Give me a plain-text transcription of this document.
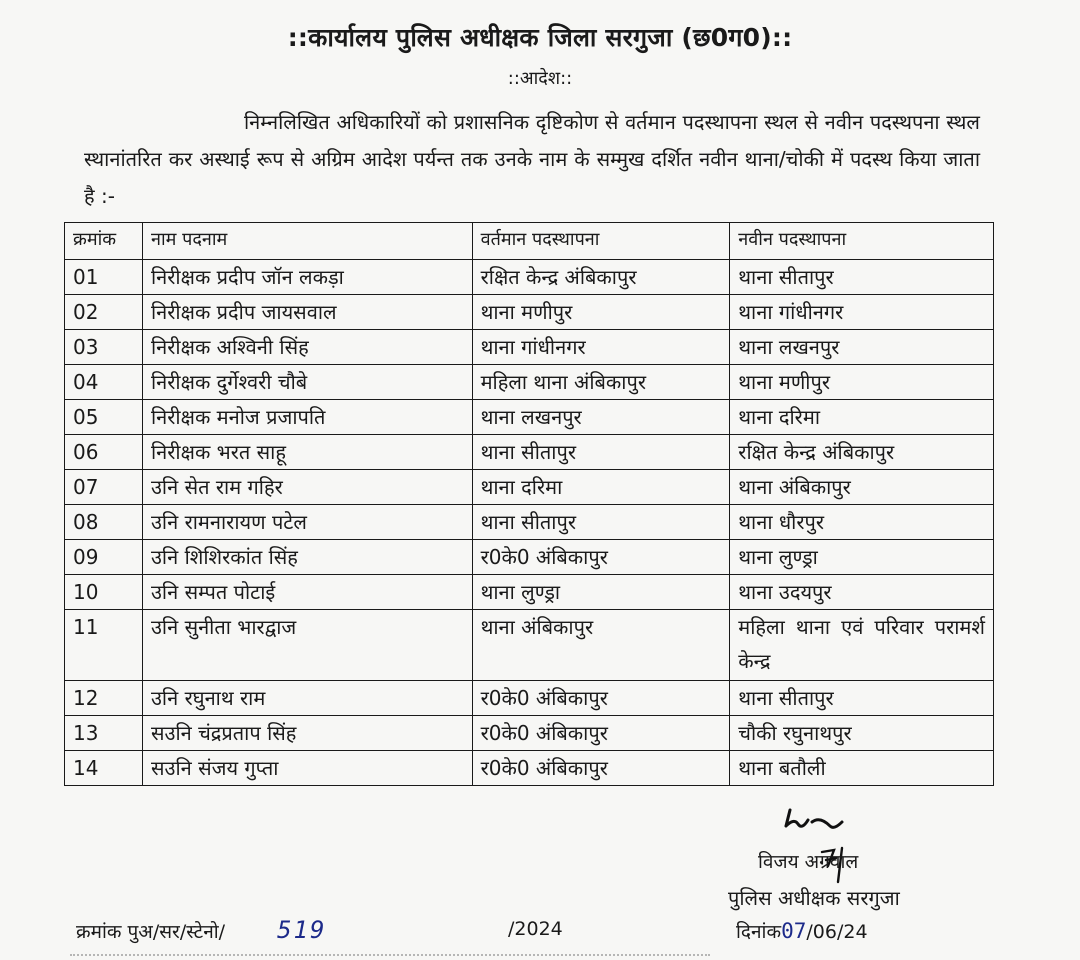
::कार्यालय पुलिस अधीक्षक जिला सरगुजा (छ0ग0)::
::आदेश::
निम्नलिखित अधिकारियों को प्रशासनिक दृष्टिकोण से वर्तमान पदस्थापना स्थल से नवीन पदस्थपना स्थल स्थानांतरित कर अस्थाई रूप से अग्रिम आदेश पर्यन्त तक उनके नाम के सम्मुख दर्शित नवीन थाना/चोकी में पदस्थ किया जाता है :-
क्रमांक	नाम पदनाम	वर्तमान पदस्थापना	नवीन पदस्थापना
01	निरीक्षक प्रदीप जॉन लकड़ा	रक्षित केन्द्र अंबिकापुर	थाना सीतापुर
02	निरीक्षक प्रदीप जायसवाल	थाना मणीपुर	थाना गांधीनगर
03	निरीक्षक अश्विनी सिंह	थाना गांधीनगर	थाना लखनपुर
04	निरीक्षक दुर्गेश्वरी चौबे	महिला थाना अंबिकापुर	थाना मणीपुर
05	निरीक्षक मनोज प्रजापति	थाना लखनपुर	थाना दरिमा
06	निरीक्षक भरत साहू	थाना सीतापुर	रक्षित केन्द्र अंबिकापुर
07	उनि सेत राम गहिर	थाना दरिमा	थाना अंबिकापुर
08	उनि रामनारायण पटेल	थाना सीतापुर	थाना धौरपुर
09	उनि शिशिरकांत सिंह	र0के0 अंबिकापुर	थाना लुण्ड्रा
10	उनि सम्पत पोटाई	थाना लुण्ड्रा	थाना उदयपुर
11	उनि सुनीता भारद्वाज	थाना अंबिकापुर	महिला थाना एवं परिवार परामर्श केन्द्र
12	उनि रघुनाथ राम	र0के0 अंबिकापुर	थाना सीतापुर
13	सउनि चंद्रप्रताप सिंह	र0के0 अंबिकापुर	चौकी रघुनाथपुर
14	सउनि संजय गुप्ता	र0के0 अंबिकापुर	थाना बतौली
विजय अग्रवाल
पुलिस अधीक्षक सरगुजा
क्रमांक पुअ/सर/स्टेनो/ 519	/2024	दिनांक07/06/24
